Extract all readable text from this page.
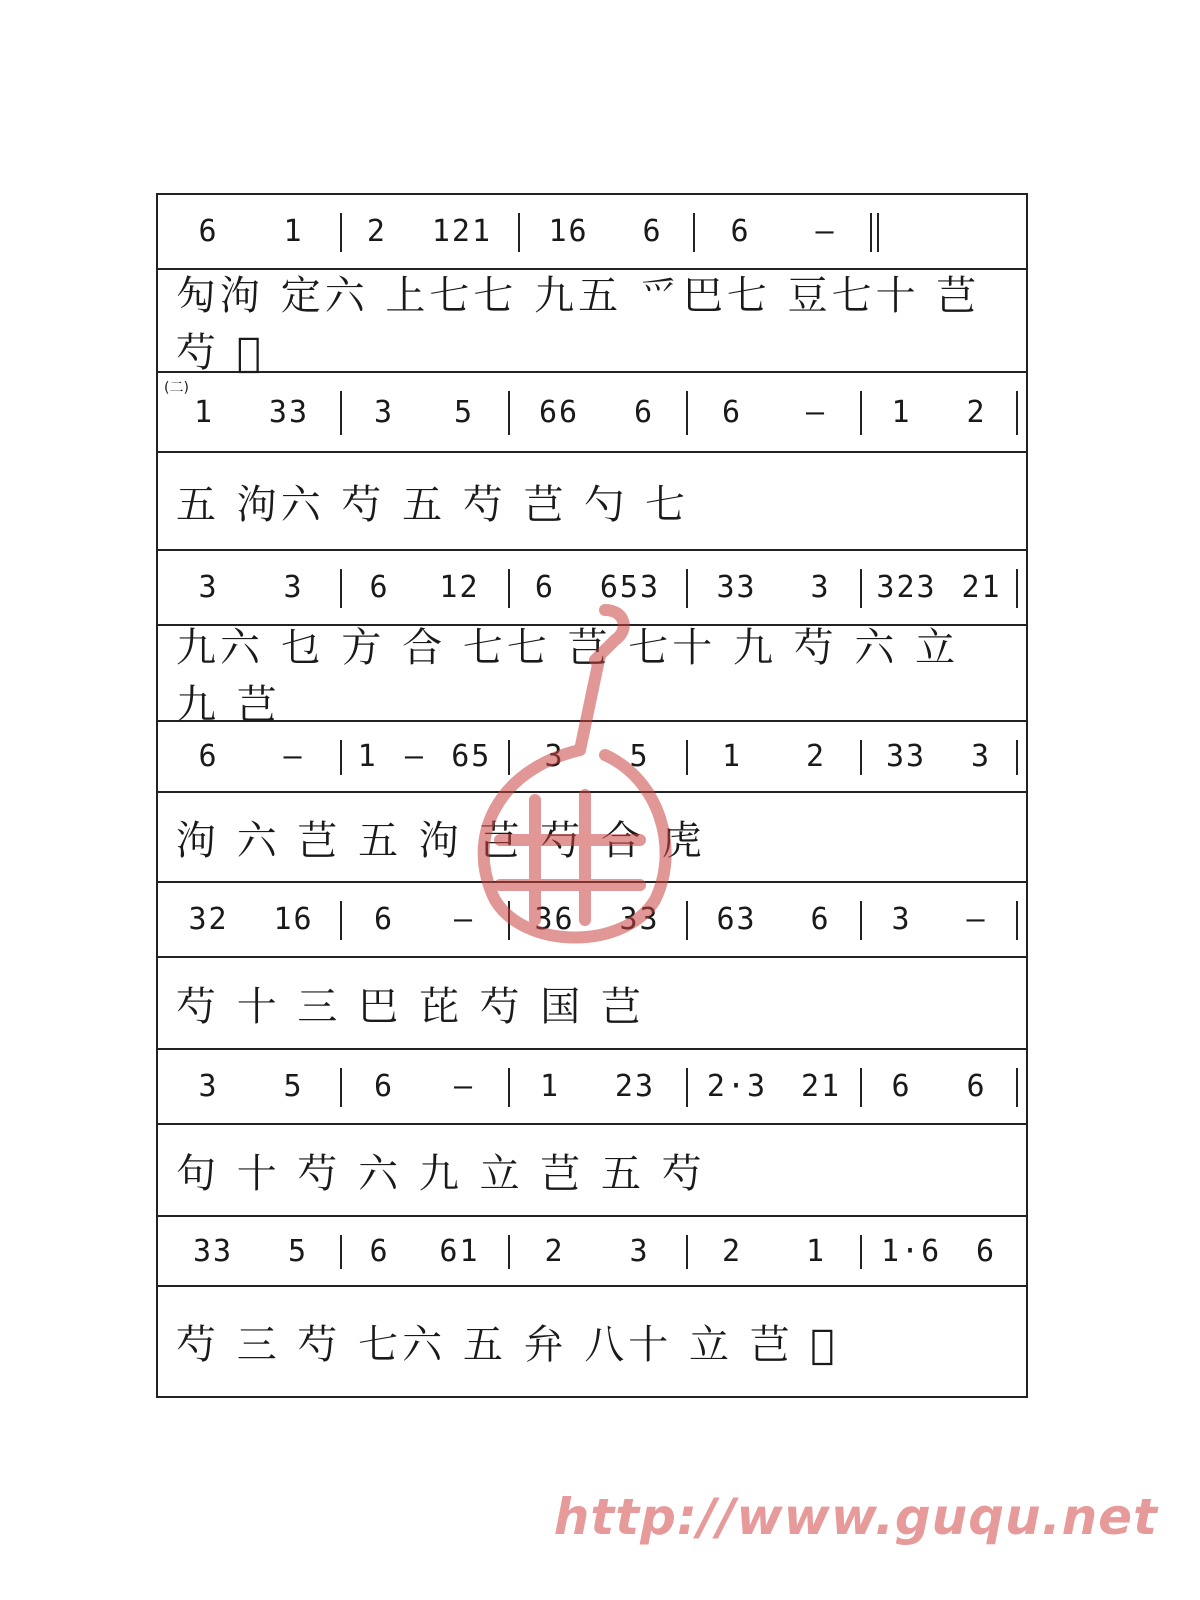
6 1 2 121 16 6 6 —
勼泃 定六 上七七 九五 爫巴七 豆七十 芑 芍 𦓤
(二)
1 33 3 5 66 6 6 — 1 2
五 泃六 芍 五 芍 芑 勺 七
3 3 6 12 6 653 33 3 323 21
九六 乜 方 合 七七 芑 七十 九 芍 六 立 九 芑
6 — 1 — 65 3 5 1 2 33 3
泃 六 芑 五 泃 芑 芍 合 虎
32 16 6 — 36 33 63 6 3 —
芍 十 三 巴 芘 芍 国 芑
3 5 6 — 1 23 2·3 21 6 6
句 十 芍 六 九 立 芑 五 芍
33 5 6 61 2 3 2 1 1·6 6
芍 三 芍 七六 五 弁 八十 立 芑 𦓤
http://www.guqu.net
